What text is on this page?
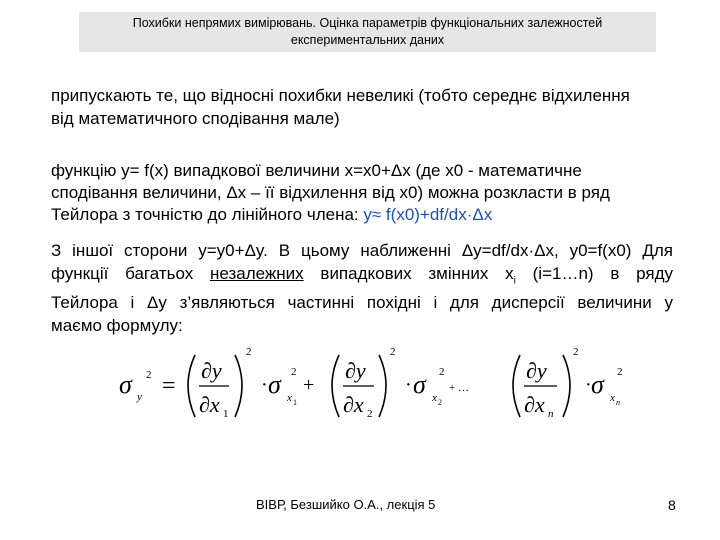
Похибки непрямих вимірювань. Оцінка параметрів функціональних залежностей
експериментальних даних
припускають те, що відносні похибки невеликі (тобто середнє відхилення
від математичного сподівання мале)
функцію y= f(x) випадкової величини x=x0+Δx (де x0 - математичне
сподівання величини, Δx – її відхилення від x0) можна розкласти в ряд
Тейлора з точністю до лінійного члена: y≈ f(x0)+df/dx·Δx
З іншої сторони y=y0+Δy. В цьому наближенні Δy=df/dx·Δx, y0=f(x0) Для
функції багатьох незалежних випадкових змінних $x_i$ (i=1…n) в ряду
Тейлора і Δy з’являються частинні похідні і для дисперсії величини y
маємо формулу:
σ y
2 =
∂y
∂x 1
2
· σ x 1
2
+
∂y
∂x 2
2
· σ x 2
2
+ …
∂y
∂x n
2
· σ x n
2
ВІВР, Безшийко О.А., лекція 5	8
